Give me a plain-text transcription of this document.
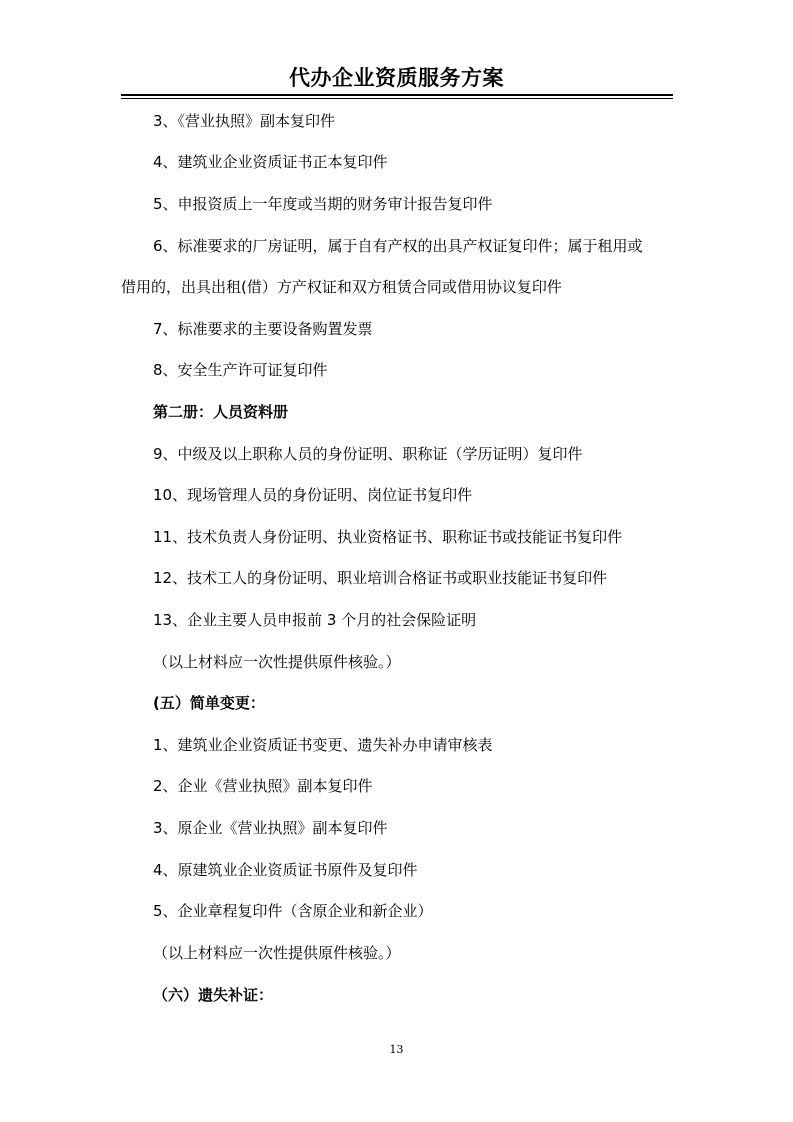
代办企业资质服务方案
3、《营业执照》副本复印件
4、建筑业企业资质证书正本复印件
5、申报资质上一年度或当期的财务审计报告复印件
6、标准要求的厂房证明，属于自有产权的出具产权证复印件；属于租用或
借用的，出具出租(借）方产权证和双方租赁合同或借用协议复印件
7、标准要求的主要设备购置发票
8、安全生产许可证复印件
第二册：人员资料册
9、中级及以上职称人员的身份证明、职称证（学历证明）复印件
10、现场管理人员的身份证明、岗位证书复印件
11、技术负责人身份证明、执业资格证书、职称证书或技能证书复印件
12、技术工人的身份证明、职业培训合格证书或职业技能证书复印件
13、企业主要人员申报前 3 个月的社会保险证明
（以上材料应一次性提供原件核验。）
(五）简单变更：
1、建筑业企业资质证书变更、遗失补办申请审核表
2、企业《营业执照》副本复印件
3、原企业《营业执照》副本复印件
4、原建筑业企业资质证书原件及复印件
5、企业章程复印件（含原企业和新企业）
（以上材料应一次性提供原件核验。）
（六）遗失补证：
13
